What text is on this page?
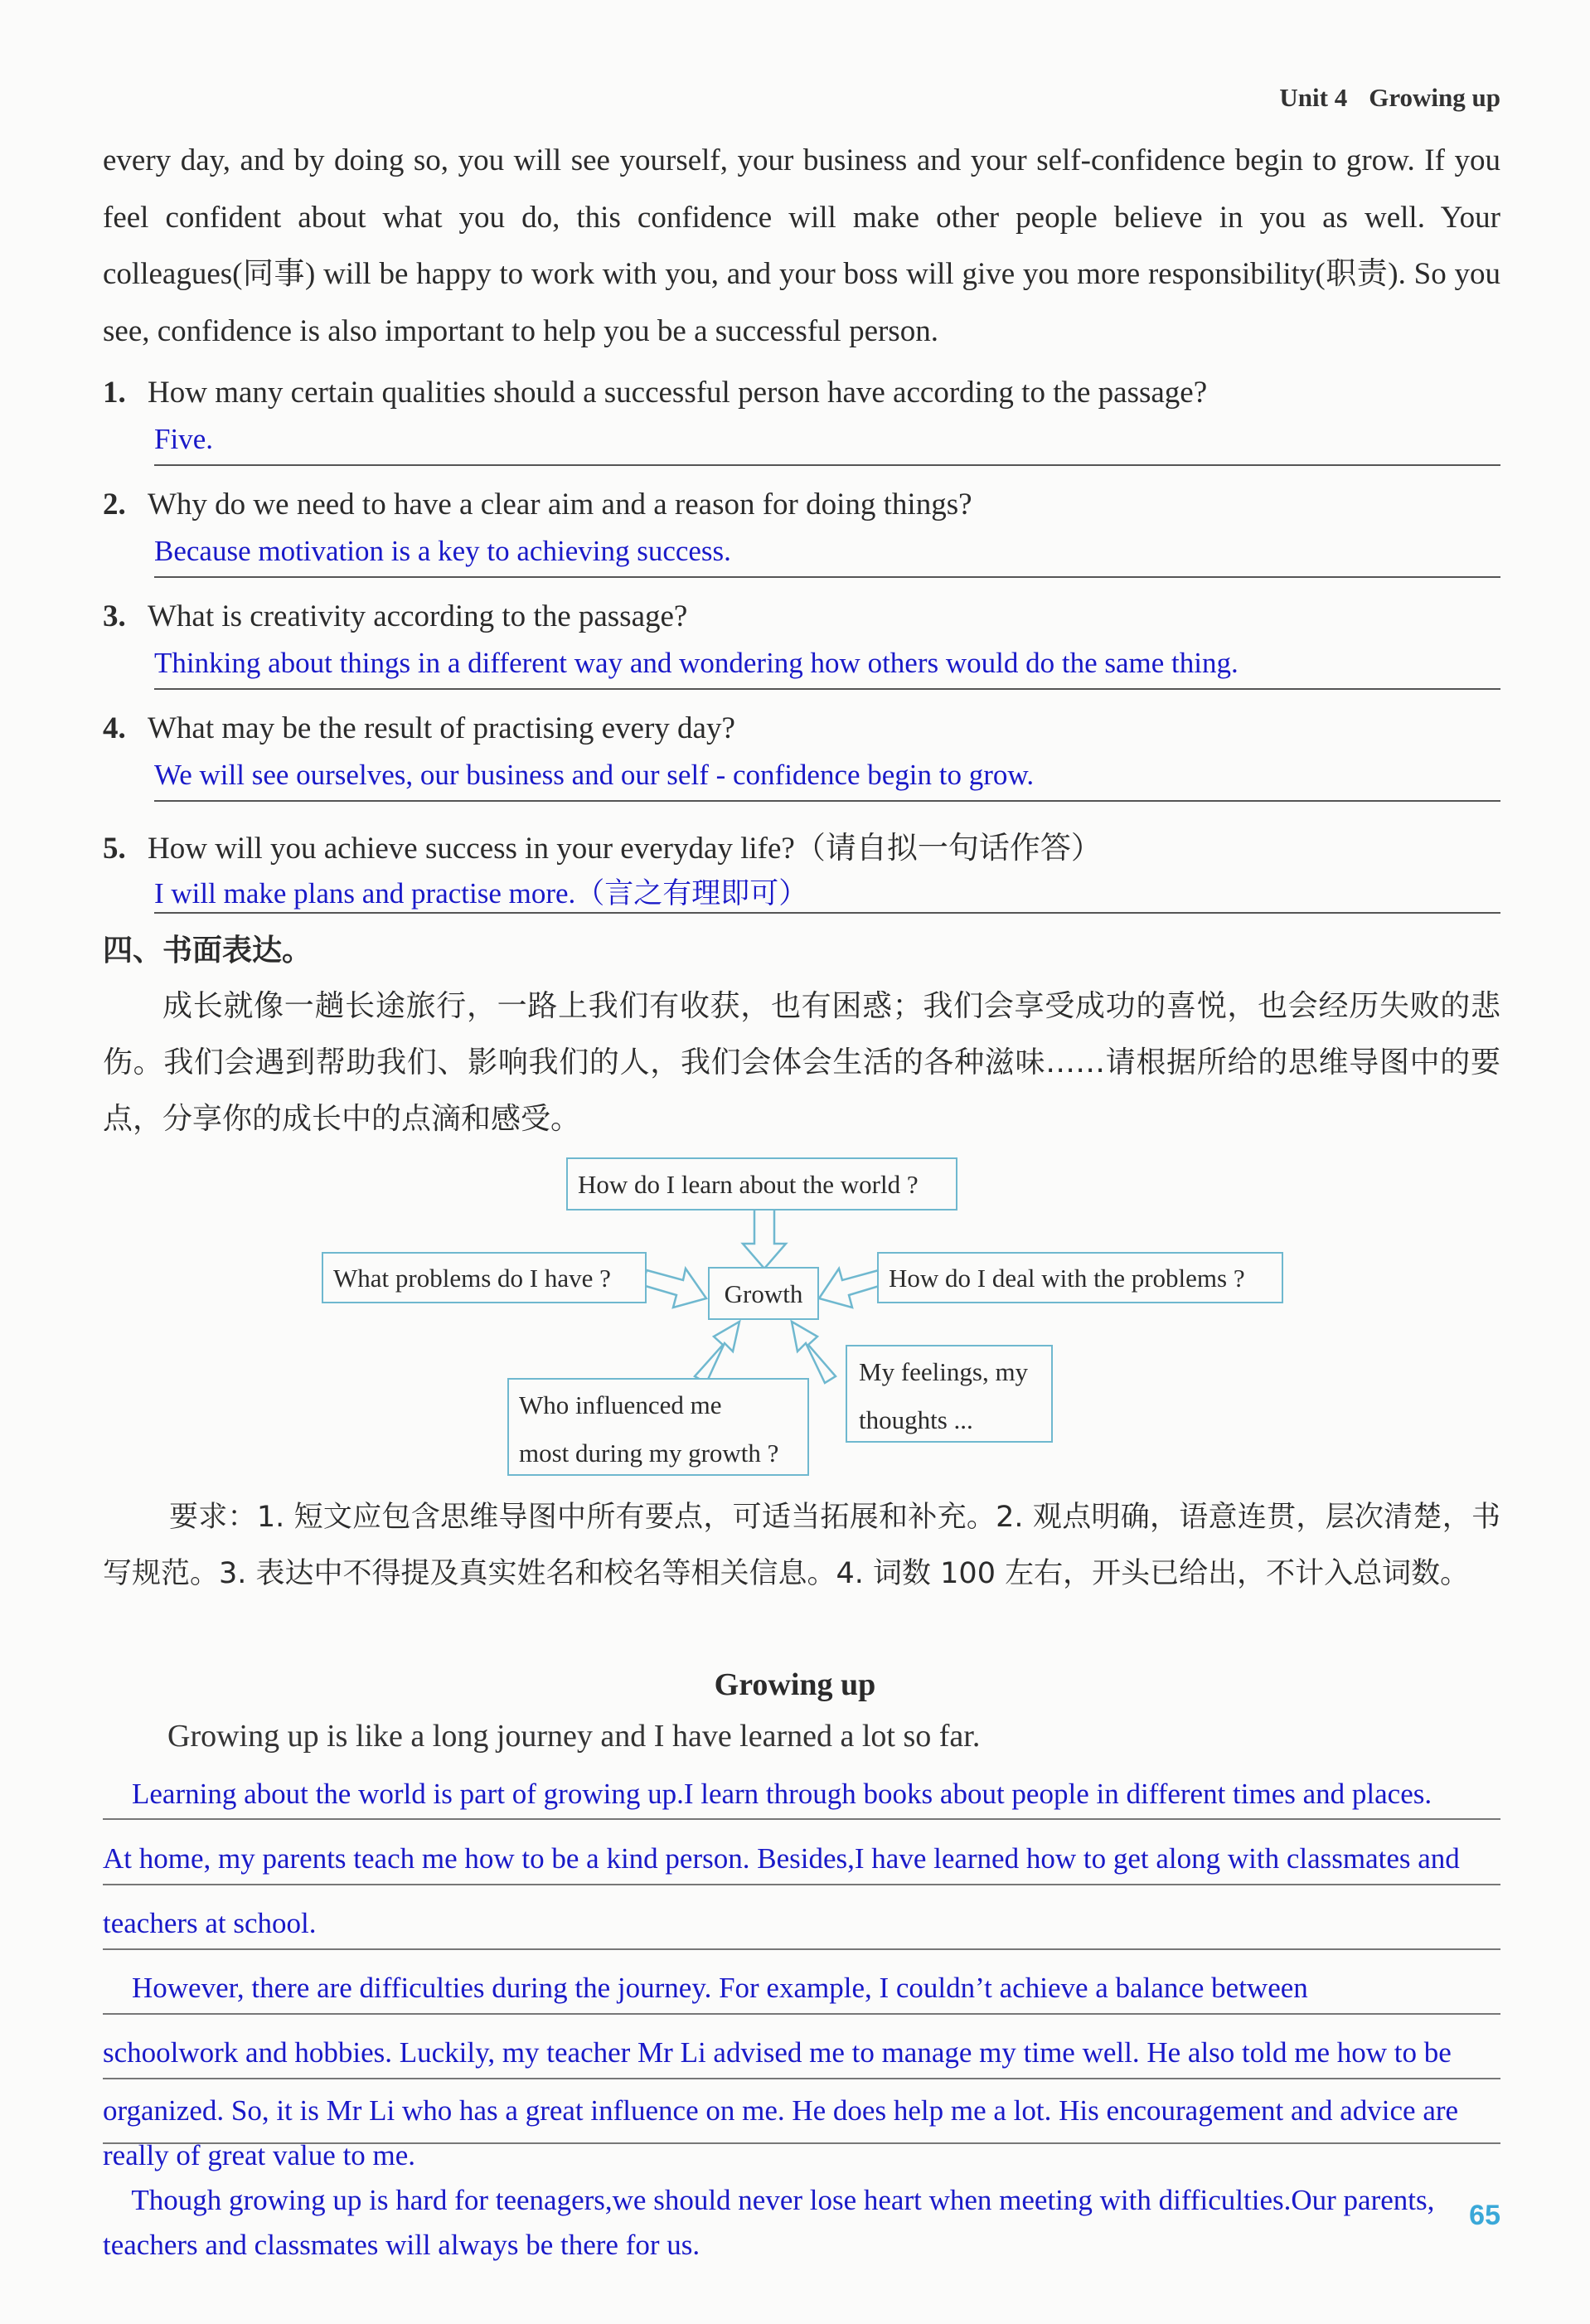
Unit 4 Growing up

every day, and by doing so, you will see yourself, your business and your self-confidence begin to grow. If you feel confident about what you do, this confidence will make other people believe in you as well. Your colleagues(同事) will be happy to work with you, and your boss will give you more responsibility(职责). So you see, confidence is also important to help you be a successful person.

1. How many certain qualities should a successful person have according to the passage?
Five.
2. Why do we need to have a clear aim and a reason for doing things?
Because motivation is a key to achieving success.
3. What is creativity according to the passage?
Thinking about things in a different way and wondering how others would do the same thing.
4. What may be the result of practising every day?
We will see ourselves, our business and our self - confidence begin to grow.
5. How will you achieve success in your everyday life?（请自拟一句话作答）
I will make plans and practise more.（言之有理即可）
四、书面表达。
成长就像一趟长途旅行，一路上我们有收获，也有困惑；我们会享受成功的喜悦，也会经历失败的悲伤。我们会遇到帮助我们、影响我们的人，我们会体会生活的各种滋味……请根据所给的思维导图中的要点，分享你的成长中的点滴和感受。
How do I learn about the world ?
What problems do I have ?
Growth
How do I deal with the problems ?
Who influenced me
most during my growth ?
My feelings, my
thoughts ...
要求：1. 短文应包含思维导图中所有要点，可适当拓展和补充。2. 观点明确，语意连贯，层次清楚，书写规范。3. 表达中不得提及真实姓名和校名等相关信息。4. 词数 100 左右，开头已给出，不计入总词数。
Growing up
Growing up is like a long journey and I have learned a lot so far.
Learning about the world is part of growing up.I learn through books about people in different times and places.
At home, my parents teach me how to be a kind person. Besides,I have learned how to get along with classmates and
teachers at school.
However, there are difficulties during the journey. For example, I couldn’t achieve a balance between
schoolwork and hobbies. Luckily, my teacher Mr Li advised me to manage my time well. He also told me how to be
organized. So, it is Mr Li who has a great influence on me. He does help me a lot. His encouragement and advice are
really of great value to me.
Though growing up is hard for teenagers,we should never lose heart when meeting with difficulties.Our parents,
teachers and classmates will always be there for us.
65
